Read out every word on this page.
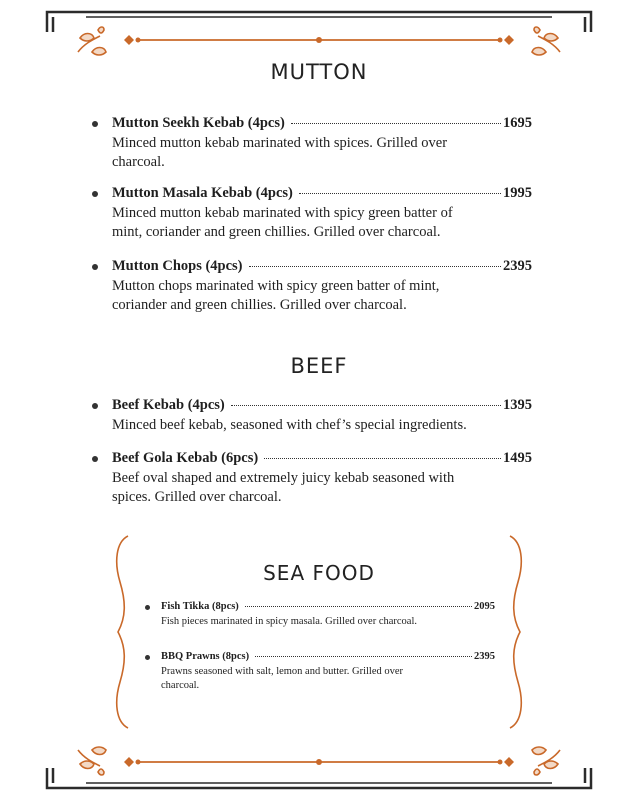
MUTTON
Mutton Seekh Kebab (4pcs)	1695
Minced mutton kebab marinated with spices. Grilled over
charcoal.
Mutton Masala Kebab (4pcs)	1995
Minced mutton kebab marinated with spicy green batter of
mint, coriander and green chillies. Grilled over charcoal.
Mutton Chops (4pcs)	2395
Mutton chops marinated with spicy green batter of mint,
coriander and green chillies. Grilled over charcoal.
BEEF
Beef Kebab (4pcs)	1395
Minced beef kebab, seasoned with chef’s special ingredients.
Beef Gola Kebab (6pcs)	1495
Beef oval shaped and extremely juicy kebab seasoned with
spices. Grilled over charcoal.
SEA FOOD
Fish Tikka (8pcs)	2095
Fish pieces marinated in spicy masala. Grilled over charcoal.
BBQ Prawns (8pcs)	2395
Prawns seasoned with salt, lemon and butter. Grilled over
charcoal.
